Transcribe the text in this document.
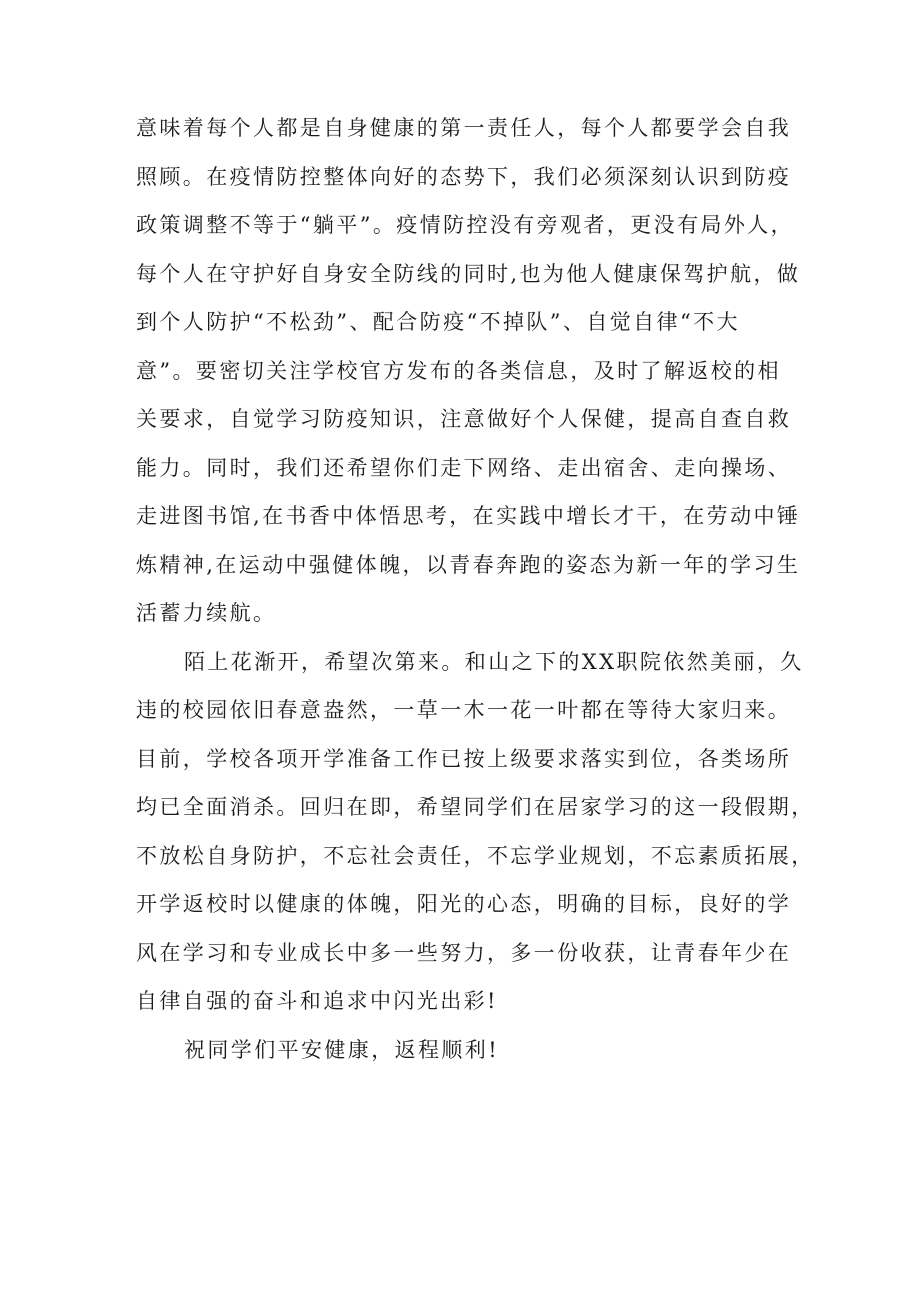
意味着每个人都是自身健康的第一责任人，每个人都要学会自我
照顾。在疫情防控整体向好的态势下，我们必须深刻认识到防疫
政策调整不等于“躺平”。疫情防控没有旁观者，更没有局外人，
每个人在守护好自身安全防线的同时,也为他人健康保驾护航，做
到个人防护“不松劲”、配合防疫“不掉队”、自觉自律“不大
意”。要密切关注学校官方发布的各类信息，及时了解返校的相
关要求，自觉学习防疫知识，注意做好个人保健，提高自查自救
能力。同时，我们还希望你们走下网络、走出宿舍、走向操场、
走进图书馆,在书香中体悟思考，在实践中增长才干，在劳动中锤
炼精神,在运动中强健体魄，以青春奔跑的姿态为新一年的学习生
活蓄力续航。
陌上花渐开，希望次第来。和山之下的XX职院依然美丽，久
违的校园依旧春意盎然，一草一木一花一叶都在等待大家归来。
目前，学校各项开学准备工作已按上级要求落实到位，各类场所
均已全面消杀。回归在即，希望同学们在居家学习的这一段假期，
不放松自身防护，不忘社会责任，不忘学业规划，不忘素质拓展，
开学返校时以健康的体魄，阳光的心态，明确的目标，良好的学
风在学习和专业成长中多一些努力，多一份收获，让青春年少在
自律自强的奋斗和追求中闪光出彩!
祝同学们平安健康，返程顺利!
